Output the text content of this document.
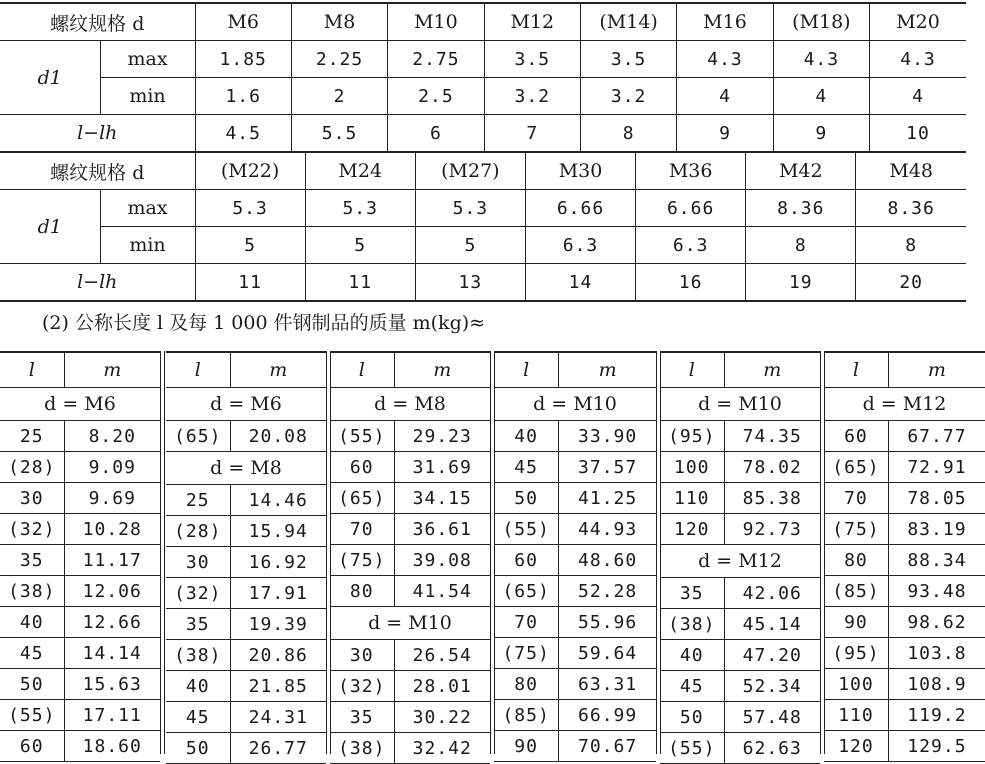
螺纹规格 d		M6	M8	M10	M12	(M14)	M16	(M18)	M20
d1	max	1.85	2.25	2.75	3.5	3.5	4.3	4.3	4.3
	min	1.6	2	2.5	3.2	3.2	4	4	4
l−lh		4.5	5.5	6	7	8	9	9	10
螺纹规格 d		(M22)	M24	(M27)	M30	M36	M42	M48
d1	max	5.3	5.3	5.3	6.66	6.66	8.36	8.36
	min	5	5	5	6.3	6.3	8	8
l−lh		11	11	13	14	16	19	20
(2) 公称长度 l 及每 1 000 件钢制品的质量 m(kg)≈
l	m
d = M6	
25	8.20
(28)	9.09
30	9.69
(32)	10.28
35	11.17
(38)	12.06
40	12.66
45	14.14
50	15.63
(55)	17.11
60	18.60
l	m
d = M6	
(65)	20.08
d = M8	
25	14.46
(28)	15.94
30	16.92
(32)	17.91
35	19.39
(38)	20.86
40	21.85
45	24.31
50	26.77
l	m
d = M8	
(55)	29.23
60	31.69
(65)	34.15
70	36.61
(75)	39.08
80	41.54
d = M10	
30	26.54
(32)	28.01
35	30.22
(38)	32.42
l	m
d = M10	
40	33.90
45	37.57
50	41.25
(55)	44.93
60	48.60
(65)	52.28
70	55.96
(75)	59.64
80	63.31
(85)	66.99
90	70.67
l	m
d = M10	
(95)	74.35
100	78.02
110	85.38
120	92.73
d = M12	
35	42.06
(38)	45.14
40	47.20
45	52.34
50	57.48
(55)	62.63
l	m
d = M12	
60	67.77
(65)	72.91
70	78.05
(75)	83.19
80	88.34
(85)	93.48
90	98.62
(95)	103.8
100	108.9
110	119.2
120	129.5
